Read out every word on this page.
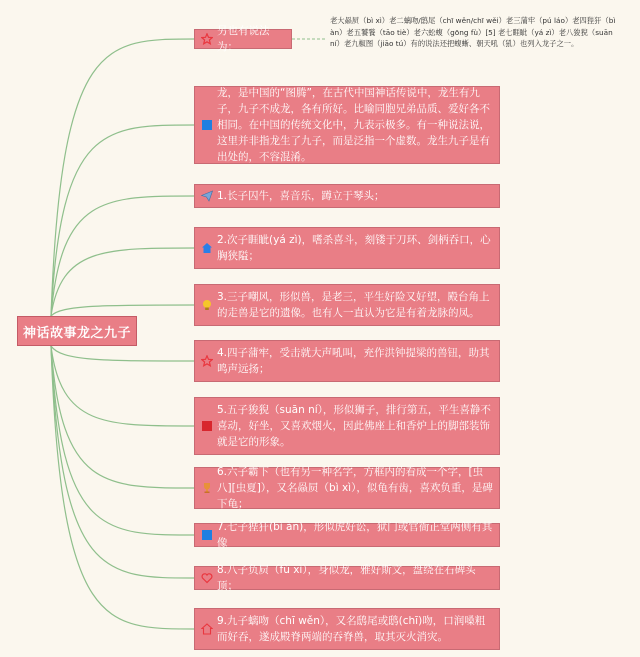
神话故事龙之九子
老大赑屃（bì xì）老二螭吻/鸱尾（chī wěn/chī wěi）老三蒲牢（pú láo）老四狴犴（bì àn）老五饕餮（tāo tiè）老六蚣蝮（gōng fù）[5] 老七睚眦（yá zì）老八狻猊（suān ní）老九椒图（jiāo tú）有的说法还把蝮蜥、朝天吼（犼）也列入龙子之一。
另也有说法为：
龙，是中国的“图腾”，在古代中国神话传说中，龙生有九子，九子不成龙，各有所好。比喻同胞兄弟品质、爱好各不相同。在中国的传统文化中，九表示极多。有一种说法说，这里并非指龙生了九子，而是泛指一个虚数。龙生九子是有出处的，不容混淆。
1.长子囚牛，喜音乐，蹲立于琴头；
2.次子睚眦(yá zì)，嗜杀喜斗，刻镂于刀环、剑柄吞口，心胸狭隘；
3.三子嘲风，形似兽，是老三，平生好险又好望，殿台角上的走兽是它的遗像。也有人一直认为它是有着龙脉的凤。
4.四子蒲牢，受击就大声吼叫，充作洪钟提梁的兽钮，助其鸣声远扬；
5.五子狻猊（suān ní），形似狮子，排行第五，平生喜静不喜动，好坐，又喜欢烟火，因此佛座上和香炉上的脚部装饰就是它的形象。
6.六子霸下（也有另一种名字，方框内的看成一个字，[虫八][虫夏]），又名赑屃（bì xì），似龟有齿，喜欢负重，是碑下龟；
7.七子狴犴(bì àn)，形似虎好讼，狱门或官衙正堂两侧有其像
8.八子负屃（fù xì），身似龙，雅好斯文，盘绕在石碑头顶；
9.九子螭吻（chī wěn），又名鸱尾或鸱(chī)吻，口润嗓粗而好吞，遂成殿脊两端的吞脊兽，取其灭火消灾。
